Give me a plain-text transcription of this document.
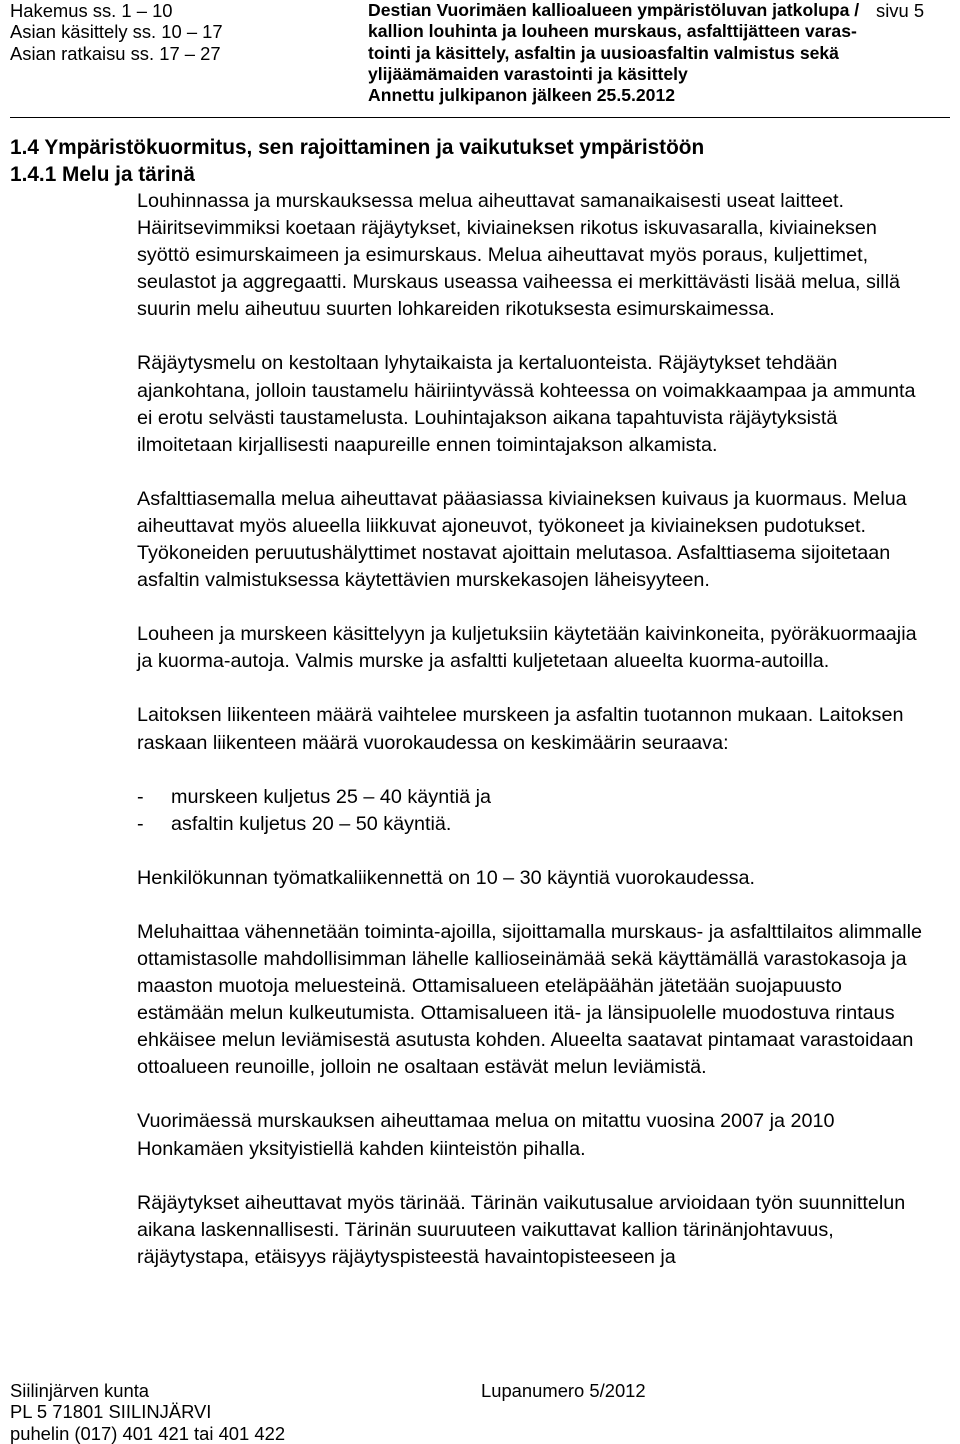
Hakemus ss. 1 – 10
Asian käsittely ss. 10 – 17
Asian ratkaisu ss. 17 – 27
Destian Vuorimäen kallioalueen ympäristöluvan jatkolupa /
kallion louhinta ja louheen murskaus, asfalttijätteen varas-
tointi ja käsittely, asfaltin ja uusioasfaltin valmistus sekä
ylijäämämaiden varastointi ja käsittely
Annettu julkipanon jälkeen 25.5.2012
sivu 5
1.4 Ympäristökuormitus, sen rajoittaminen ja vaikutukset ympäristöön
1.4.1 Melu ja tärinä

Louhinnassa ja murskauksessa melua aiheuttavat samanaikaisesti useat laitteet. Häiritsevimmiksi koetaan räjäytykset, kiviaineksen rikotus iskuvasaralla, kiviaineksen syöttö esimurskaimeen ja esimurskaus. Melua aiheuttavat myös poraus, kuljettimet, seulastot ja aggregaatti. Murskaus useassa vaiheessa ei merkittävästi lisää melua, sillä suurin melu aiheutuu suurten lohkareiden rikotuksesta esimurskaimessa.

Räjäytysmelu on kestoltaan lyhytaikaista ja kertaluonteista. Räjäytykset tehdään ajankohtana, jolloin taustamelu häiriintyvässä kohteessa on voimakkaampaa ja ammunta ei erotu selvästi taustamelusta. Louhintajakson aikana tapahtuvista räjäytyksistä ilmoitetaan kirjallisesti naapureille ennen toimintajakson alkamista.

Asfalttiasemalla melua aiheuttavat pääasiassa kiviaineksen kuivaus ja kuormaus. Melua aiheuttavat myös alueella liikkuvat ajoneuvot, työkoneet ja kiviaineksen pudotukset. Työkoneiden peruutushälyttimet nostavat ajoittain melutasoa. Asfalttiasema sijoitetaan asfaltin valmistuksessa käytettävien murskekasojen läheisyyteen.

Louheen ja murskeen käsittelyyn ja kuljetuksiin käytetään kaivinkoneita, pyöräkuormaajia ja kuorma-autoja. Valmis murske ja asfaltti kuljetetaan alueelta kuorma-autoilla.

Laitoksen liikenteen määrä vaihtelee murskeen ja asfaltin tuotannon mukaan. Laitoksen raskaan liikenteen määrä vuorokaudessa on keskimäärin seuraava:

-	murskeen kuljetus 25 – 40 käyntiä ja
-	asfaltin kuljetus 20 – 50 käyntiä.

Henkilökunnan työmatkaliikennettä on 10 – 30 käyntiä vuorokaudessa.

Meluhaittaa vähennetään toiminta-ajoilla, sijoittamalla murskaus- ja asfalttilaitos alimmalle ottamistasolle mahdollisimman lähelle kallioseinämää sekä käyttämällä varastokasoja ja maaston muotoja meluesteinä. Ottamisalueen eteläpäähän jätetään suojapuusto estämään melun kulkeutumista. Ottamisalueen itä- ja länsipuolelle muodostuva rintaus ehkäisee melun leviämisestä asutusta kohden. Alueelta saatavat pintamaat varastoidaan ottoalueen reunoille, jolloin ne osaltaan estävät melun leviämistä.

Vuorimäessä murskauksen aiheuttamaa melua on mitattu vuosina 2007 ja 2010 Honkamäen yksityistiellä kahden kiinteistön pihalla.

Räjäytykset aiheuttavat myös tärinää. Tärinän vaikutusalue arvioidaan työn suunnittelun aikana laskennallisesti. Tärinän suuruuteen vaikuttavat kallion tärinänjohtavuus, räjäytystapa, etäisyys räjäytyspisteestä havaintopisteeseen ja

Siilinjärven kunta
PL 5 71801 SIILINJÄRVI
puhelin (017) 401 421 tai 401 422
Lupanumero 5/2012
